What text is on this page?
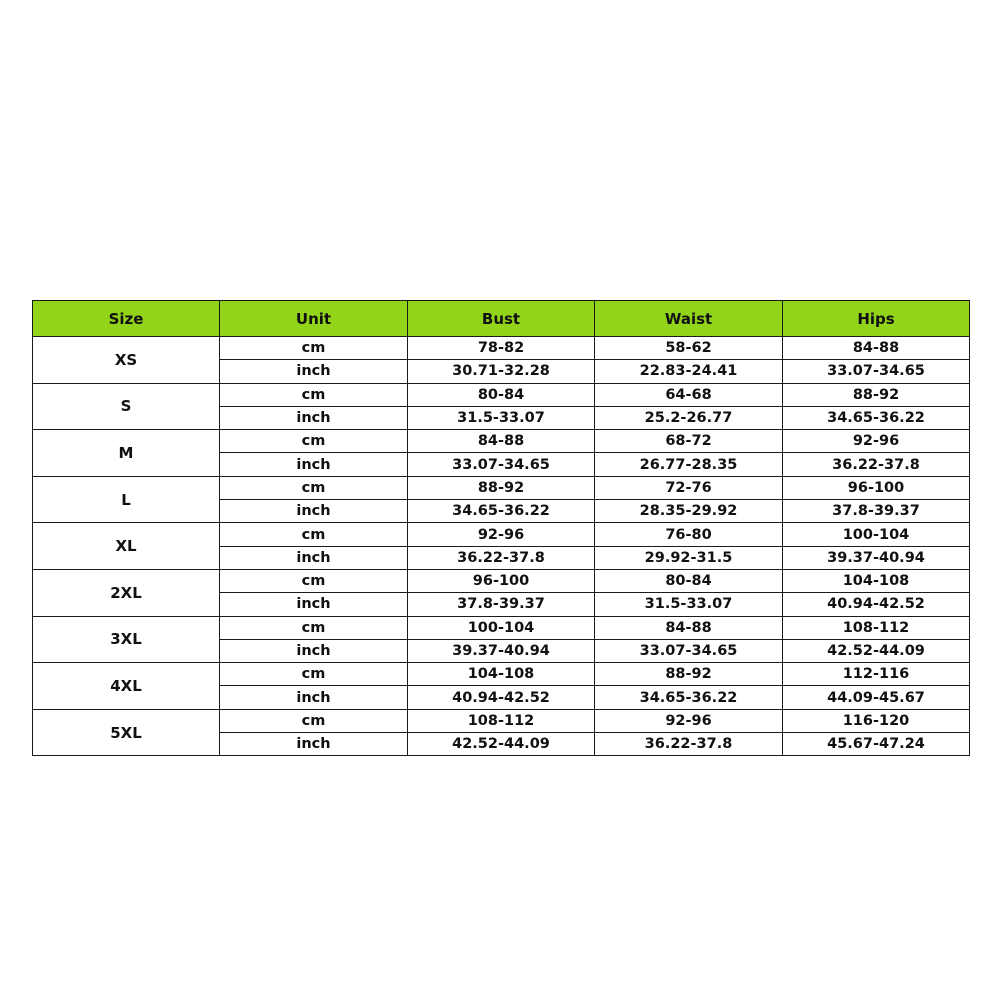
Size	Unit	Bust	Waist	Hips
XS	cm	78-82	58-62	84-88
	inch	30.71-32.28	22.83-24.41	33.07-34.65
S	cm	80-84	64-68	88-92
	inch	31.5-33.07	25.2-26.77	34.65-36.22
M	cm	84-88	68-72	92-96
	inch	33.07-34.65	26.77-28.35	36.22-37.8
L	cm	88-92	72-76	96-100
	inch	34.65-36.22	28.35-29.92	37.8-39.37
XL	cm	92-96	76-80	100-104
	inch	36.22-37.8	29.92-31.5	39.37-40.94
2XL	cm	96-100	80-84	104-108
	inch	37.8-39.37	31.5-33.07	40.94-42.52
3XL	cm	100-104	84-88	108-112
	inch	39.37-40.94	33.07-34.65	42.52-44.09
4XL	cm	104-108	88-92	112-116
	inch	40.94-42.52	34.65-36.22	44.09-45.67
5XL	cm	108-112	92-96	116-120
	inch	42.52-44.09	36.22-37.8	45.67-47.24
